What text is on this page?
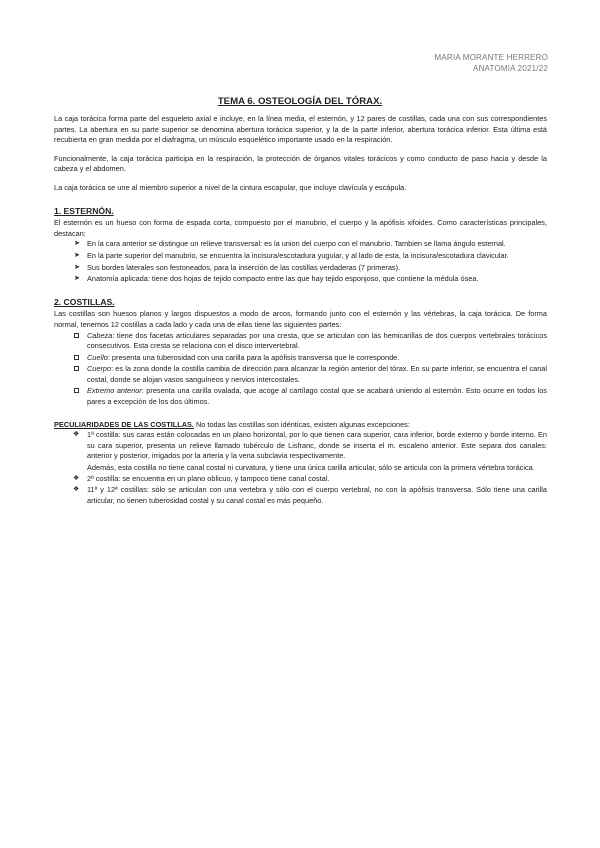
MARIA MORANTE HERRERO
ANATOMIA 2021/22
TEMA 6. OSTEOLOGÍA DEL TÓRAX.

La caja torácica forma parte del esqueleto axial e incluye, en la línea media, el esternón, y 12 pares de costillas, cada una con sus correspondientes partes. La abertura en su parte superior se denomina abertura torácica superior, y la de la parte inferior, abertura torácica inferior. Esta última está recubierta en gran medida por el diafragma, un músculo esquelético importante usado en la respiración.

Funcionalmente, la caja torácica participa en la respiración, la protección de órganos vitales torácicos y como conducto de paso hacia y desde la cabeza y el abdomen.

La caja torácica se une al miembro superior a nivel de la cintura escapular, que incluye clavícula y escápula.

1. ESTERNÓN.

El esternón es un hueso con forma de espada corta, compuesto por el manubrio, el cuerpo y la apófisis xifoides. Como características principales, destacan:

➤ En la cara anterior se distingue un relieve transversal: es la union del cuerpo con el manubrio. Tambien se llama ángulo esternal.
➤ En la parte superior del manubrio, se encuentra la incisura/escotadura yugular, y al lado de esta, la incisura/escotadura clavicular.
➤ Sus bordes laterales son festoneados, para la inserción de las costillas verdaderas (7 primeras).
➤ Anatomía aplicada: tiene dos hojas de tejido compacto entre las que hay tejido esponjoso, que contiene la médula ósea.
2. COSTILLAS.

Las costillas son huesos planos y largos dispuestos a modo de arcos, formando junto con el esternón y las vértebras, la caja torácica. De forma normal, tenemos 12 costillas a cada lado y cada una de ellas tiene las siguientes partes:

Cabeza: tiene dos facetas articulares separadas por una cresta, que se articulan con las hemicarillas de dos cuerpos vertebrales torácicos consecutivos. Esta cresta se relaciona con el disco intervertebral.
Cuello: presenta una tuberosidad con una carilla para la apófisis transversa que le corresponde.
Cuerpo: es la zona donde la costilla cambia de dirección para alcanzar la región anterior del tórax. En su parte inferior, se encuentra el canal costal, donde se alojan vasos sanguíneos y nervios intercostales.
Extremo anterior: presenta una carilla ovalada, que acoge al cartílago costal que se acabará uniendo al esternón. Esto ocurre en todos los pares a excepción de los dos últimos.

PECULIARIDADES DE LAS COSTILLAS. No todas las costillas son idénticas, existen algunas excepciones:

❖ 1ª costilla: sus caras están colocadas en un plano horizontal, por lo que tienen cara superior, cara inferior, borde externo y borde interno. En su cara superior, presenta un relieve llamado tubérculo de Lisfranc, donde se inserta el m. escaleno anterior. Este separa dos canales: anterior y posterior, irrigados por la arteria y la vena subclavia respectivamente.

Además, esta costilla no tiene canal costal ni curvatura, y tiene una única carilla articular, sólo se articula con la primera vértebra torácica.

❖ 2ª costilla: se encuentra en un plano oblicuo, y tampoco tiene canal costal.
❖ 11ª y 12ª costillas: sólo se articulan con una vertebra y sólo con el cuerpo vertebral, no con la apófisis transversa. Sólo tiene una carilla articular, no tienen tuberosidad costal y su canal costal es más pequeño.
